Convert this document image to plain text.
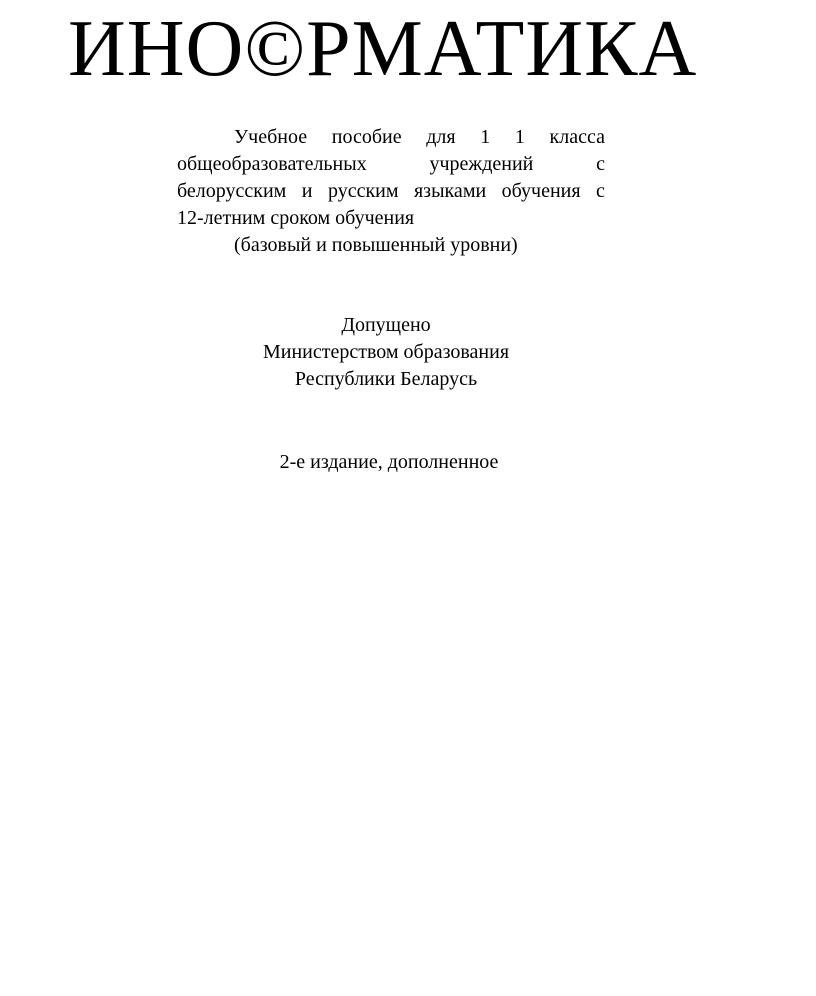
ИНО©РМАТИКА
Учебное пособие для 1 1 класса
общеобразовательных	учреждений	с
белорусским и русским языками обучения с
12-летним сроком обучения
(базовый и повышенный уровни)
Допущено
Министерством образования
Республики Беларусь
2-е издание, дополненное
